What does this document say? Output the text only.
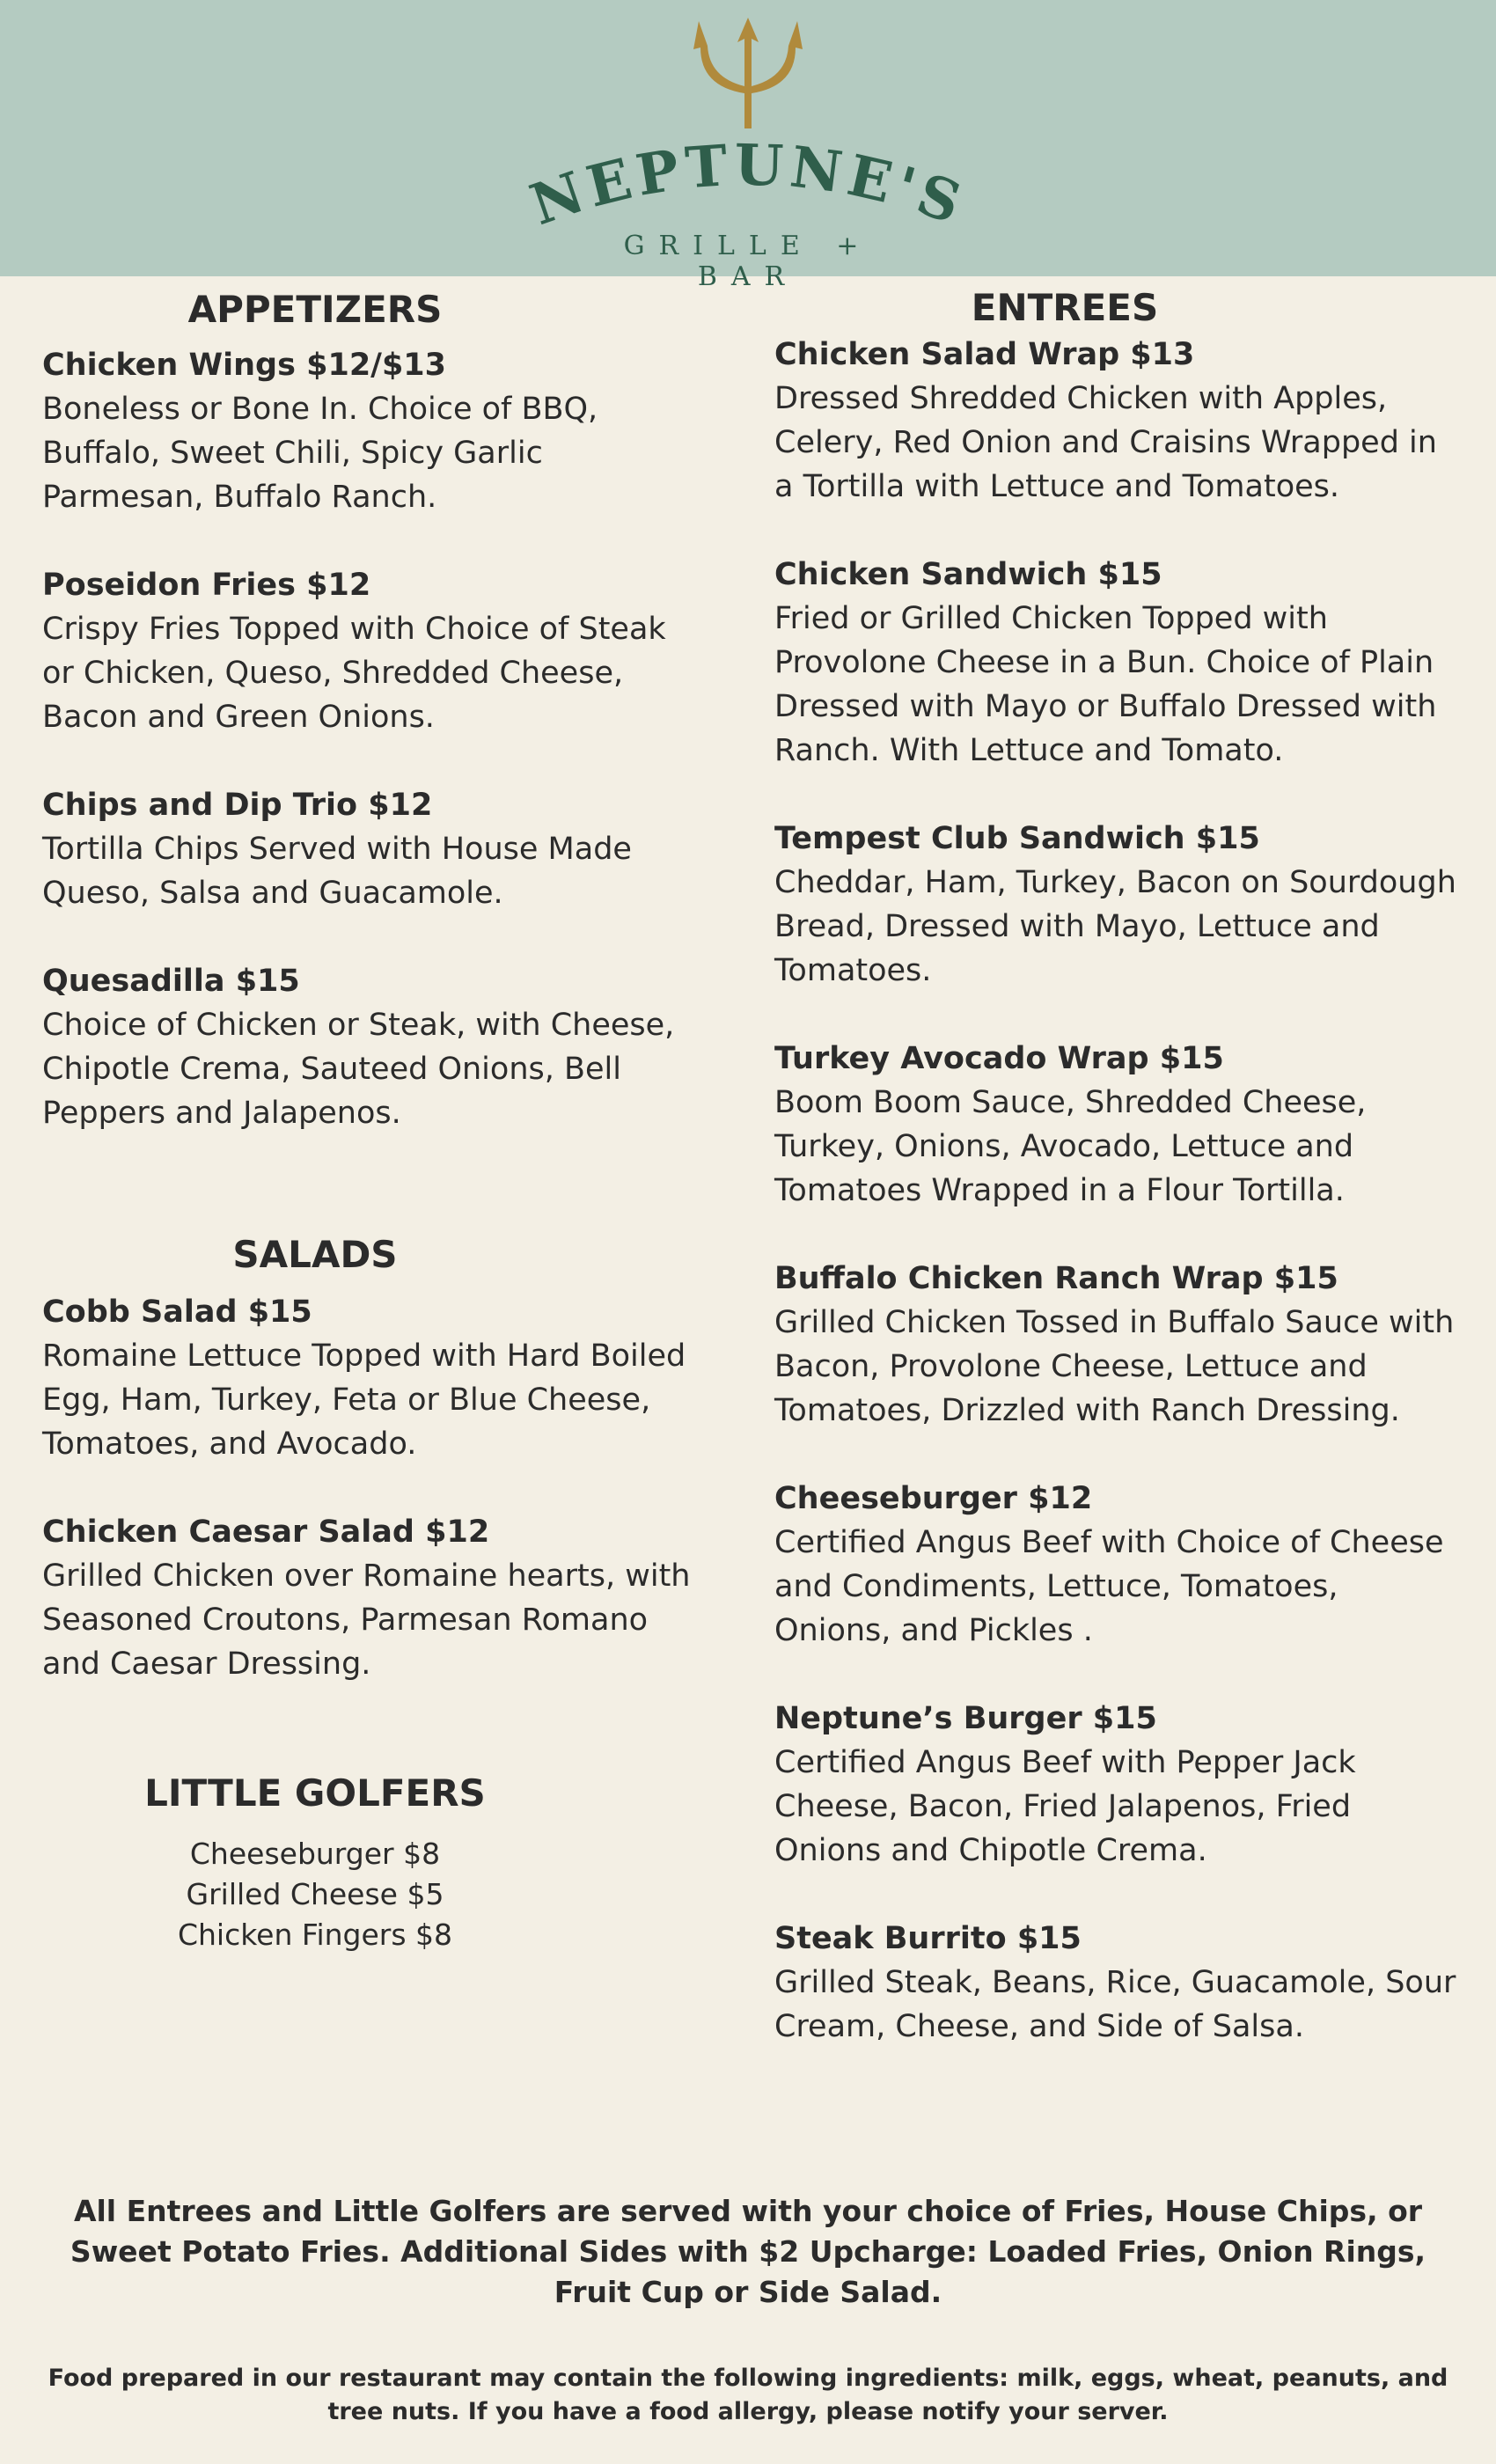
NEPTUNE'S
GRILLE + BAR
APPETIZERS

Chicken Wings $12/$13

Boneless or Bone In. Choice of BBQ, Buffalo, Sweet Chili, Spicy Garlic Parmesan, Buffalo Ranch.

Poseidon Fries $12

Crispy Fries Topped with Choice of Steak or Chicken, Queso, Shredded Cheese, Bacon and Green Onions.

Chips and Dip Trio $12

Tortilla Chips Served with House Made Queso, Salsa and Guacamole.

Quesadilla $15

Choice of Chicken or Steak, with Cheese, Chipotle Crema, Sauteed Onions, Bell Peppers and Jalapenos.

SALADS

Cobb Salad $15

Romaine Lettuce Topped with Hard Boiled Egg, Ham, Turkey, Feta or Blue Cheese, Tomatoes, and Avocado.

Chicken Caesar Salad $12

Grilled Chicken over Romaine hearts, with Seasoned Croutons, Parmesan Romano and Caesar Dressing.

LITTLE GOLFERS

Cheeseburger $8

Grilled Cheese $5

Chicken Fingers $8

ENTREES

Chicken Salad Wrap $13

Dressed Shredded Chicken with Apples, Celery, Red Onion and Craisins Wrapped in a Tortilla with Lettuce and Tomatoes.

Chicken Sandwich $15

Fried or Grilled Chicken Topped with Provolone Cheese in a Bun. Choice of Plain Dressed with Mayo or Buffalo Dressed with Ranch. With Lettuce and Tomato.

Tempest Club Sandwich $15

Cheddar, Ham, Turkey, Bacon on Sourdough Bread, Dressed with Mayo, Lettuce and Tomatoes.

Turkey Avocado Wrap $15

Boom Boom Sauce, Shredded Cheese, Turkey, Onions, Avocado, Lettuce and Tomatoes Wrapped in a Flour Tortilla.

Buffalo Chicken Ranch Wrap $15

Grilled Chicken Tossed in Buffalo Sauce with Bacon, Provolone Cheese, Lettuce and Tomatoes, Drizzled with Ranch Dressing.

Cheeseburger $12

Certified Angus Beef with Choice of Cheese and Condiments, Lettuce, Tomatoes, Onions, and Pickles .

Neptune’s Burger $15

Certified Angus Beef with Pepper Jack Cheese, Bacon, Fried Jalapenos, Fried Onions and Chipotle Crema.

Steak Burrito $15

Grilled Steak, Beans, Rice, Guacamole, Sour Cream, Cheese, and Side of Salsa.

All Entrees and Little Golfers are served with your choice of Fries, House Chips, or Sweet Potato Fries. Additional Sides with $2 Upcharge: Loaded Fries, Onion Rings, Fruit Cup or Side Salad.

Food prepared in our restaurant may contain the following ingredients: milk, eggs, wheat, peanuts, and tree nuts. If you have a food allergy, please notify your server.
